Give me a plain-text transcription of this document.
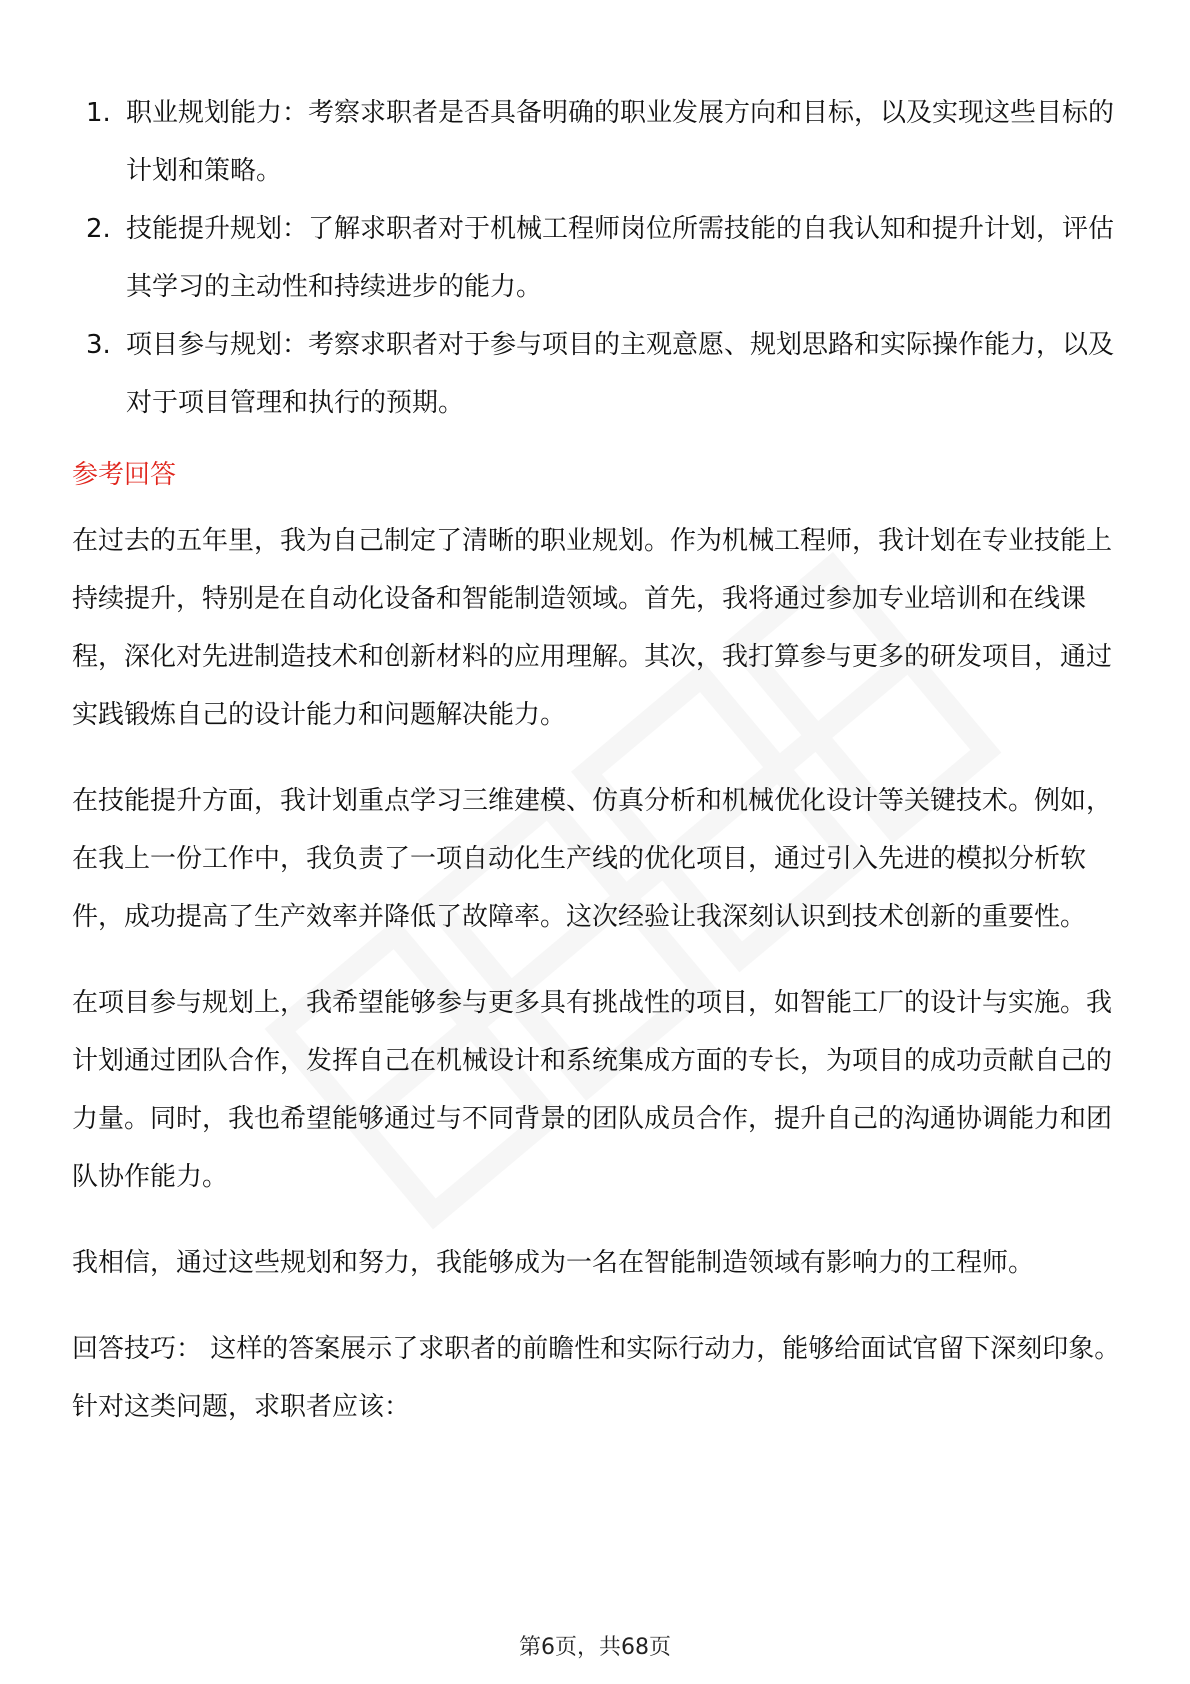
1. 职业规划能力：考察求职者是否具备明确的职业发展方向和目标，以及实现这些目标的计划和策略。
2. 技能提升规划：了解求职者对于机械工程师岗位所需技能的自我认知和提升计划，评估其学习的主动性和持续进步的能力。
3. 项目参与规划：考察求职者对于参与项目的主观意愿、规划思路和实际操作能力，以及对于项目管理和执行的预期。
参考回答

在过去的五年里，我为自己制定了清晰的职业规划。作为机械工程师，我计划在专业技能上持续提升，特别是在自动化设备和智能制造领域。首先，我将通过参加专业培训和在线课程，深化对先进制造技术和创新材料的应用理解。其次，我打算参与更多的研发项目，通过实践锻炼自己的设计能力和问题解决能力。

在技能提升方面，我计划重点学习三维建模、仿真分析和机械优化设计等关键技术。例如，在我上一份工作中，我负责了一项自动化生产线的优化项目，通过引入先进的模拟分析软件，成功提高了生产效率并降低了故障率。这次经验让我深刻认识到技术创新的重要性。

在项目参与规划上，我希望能够参与更多具有挑战性的项目，如智能工厂的设计与实施。我计划通过团队合作，发挥自己在机械设计和系统集成方面的专长，为项目的成功贡献自己的力量。同时，我也希望能够通过与不同背景的团队成员合作，提升自己的沟通协调能力和团队协作能力。

我相信，通过这些规划和努力，我能够成为一名在智能制造领域有影响力的工程师。

回答技巧： 这样的答案展示了求职者的前瞻性和实际行动力，能够给面试官留下深刻印象。针对这类问题，求职者应该：

第6页，共68页
